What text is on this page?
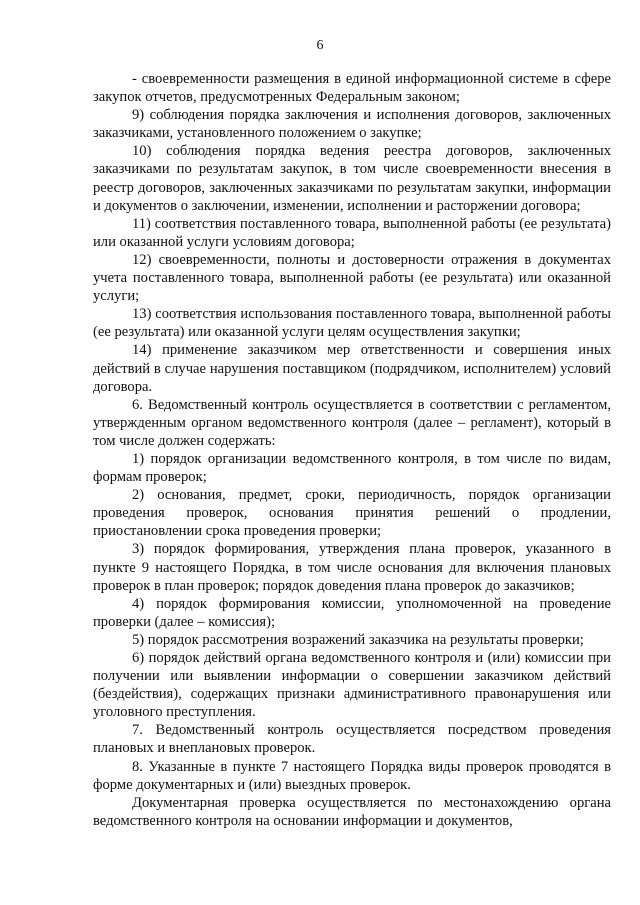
6

- своевременности размещения в единой информационной системе в сфере закупок отчетов, предусмотренных Федеральным законом;

9) соблюдения порядка заключения и исполнения договоров, заключенных заказчиками, установленного положением о закупке;

10) соблюдения порядка ведения реестра договоров, заключенных заказчиками по результатам закупок, в том числе своевременности внесения в реестр договоров, заключенных заказчиками по результатам закупки, информации и документов о заключении, изменении, исполнении и расторжении договора;

11) соответствия поставленного товара, выполненной работы (ее результата) или оказанной услуги условиям договора;

12) своевременности, полноты и достоверности отражения в документах учета поставленного товара, выполненной работы (ее результата) или оказанной услуги;

13) соответствия использования поставленного товара, выполненной работы (ее результата) или оказанной услуги целям осуществления закупки;

14) применение заказчиком мер ответственности и совершения иных действий в случае нарушения поставщиком (подрядчиком, исполнителем) условий договора.

6. Ведомственный контроль осуществляется в соответствии с регламентом, утвержденным органом ведомственного контроля (далее – регламент), который в том числе должен содержать:

1) порядок организации ведомственного контроля, в том числе по видам, формам проверок;

2) основания, предмет, сроки, периодичность, порядок организации проведения проверок, основания принятия решений о продлении, приостановлении срока проведения проверки;

3) порядок формирования, утверждения плана проверок, указанного в пункте 9 настоящего Порядка, в том числе основания для включения плановых проверок в план проверок; порядок доведения плана проверок до заказчиков;

4) порядок формирования комиссии, уполномоченной на проведение проверки (далее – комиссия);

5) порядок рассмотрения возражений заказчика на результаты проверки;

6) порядок действий органа ведомственного контроля и (или) комиссии при получении или выявлении информации о совершении заказчиком действий (бездействия), содержащих признаки административного правонарушения или уголовного преступления.

7. Ведомственный контроль осуществляется посредством проведения плановых и внеплановых проверок.

8. Указанные в пункте 7 настоящего Порядка виды проверок проводятся в форме документарных и (или) выездных проверок.

Документарная проверка осуществляется по местонахождению органа ведомственного контроля на основании информации и документов,
